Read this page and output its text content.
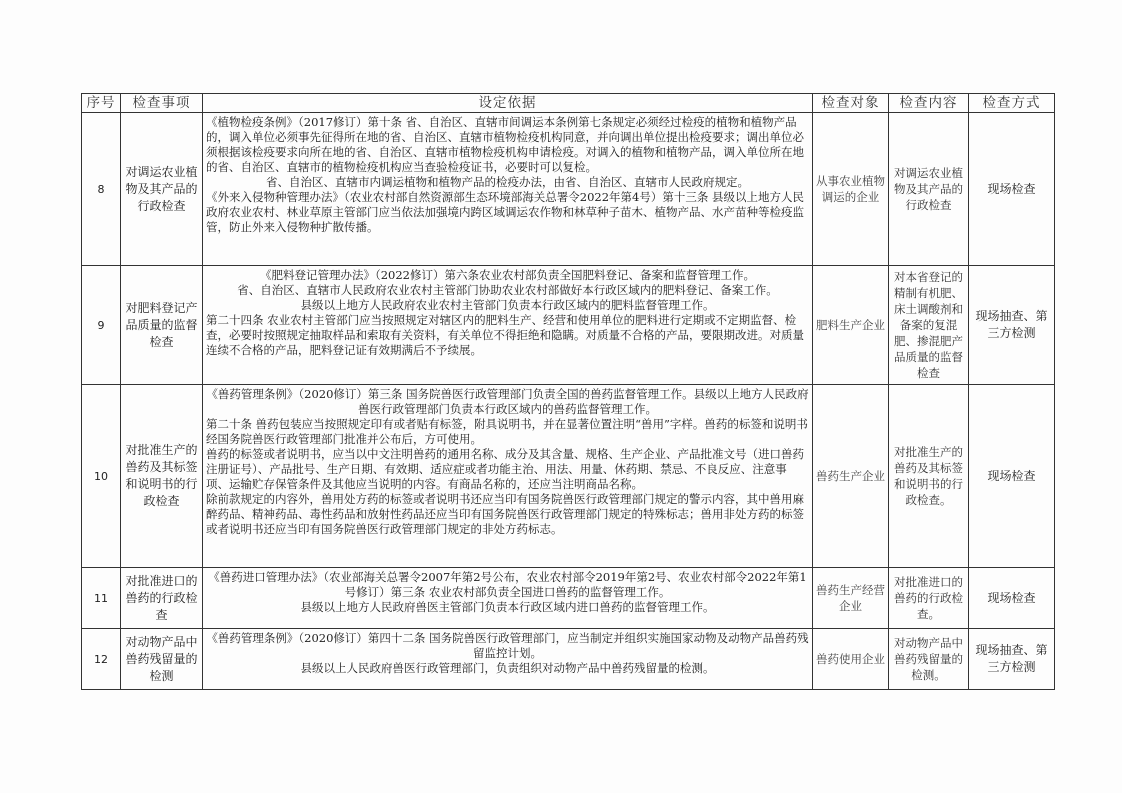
序号	检查事项	设定依据	检查对象	检查内容	检查方式
8	对调运农业植物及其产品的行政检查	《植物检疫条例》（2017修订）第十条 省、自治区、直辖市间调运本条例第七条规定必须经过检疫的植物和植物产品的，调入单位必须事先征得所在地的省、自治区、直辖市植物检疫机构同意，并向调出单位提出检疫要求；调出单位必须根据该检疫要求向所在地的省、自治区、直辖市植物检疫机构申请检疫。对调入的植物和植物产品，调入单位所在地的省、自治区、直辖市的植物检疫机构应当查验检疫证书，必要时可以复检。

省、自治区、直辖市内调运植物和植物产品的检疫办法，由省、自治区、直辖市人民政府规定。

《外来入侵物种管理办法》（农业农村部自然资源部生态环境部海关总署令2022年第4号）第十三条 县级以上地方人民政府农业农村、林业草原主管部门应当依法加强境内跨区域调运农作物和林草种子苗木、植物产品、水产苗种等检疫监管，防止外来入侵物种扩散传播。	从事农业植物调运的企业	对调运农业植物及其产品的行政检查	现场检查
9	对肥料登记产品质量的监督检查	《肥料登记管理办法》（2022修订）第六条农业农村部负责全国肥料登记、备案和监督管理工作。

省、自治区、直辖市人民政府农业农村主管部门协助农业农村部做好本行政区域内的肥料登记、备案工作。

县级以上地方人民政府农业农村主管部门负责本行政区域内的肥料监督管理工作。

第二十四条 农业农村主管部门应当按照规定对辖区内的肥料生产、经营和使用单位的肥料进行定期或不定期监督、检查，必要时按照规定抽取样品和索取有关资料，有关单位不得拒绝和隐瞒。对质量不合格的产品，要限期改进。对质量连续不合格的产品，肥料登记证有效期满后不予续展。	肥料生产企业	对本省登记的精制有机肥、床土调酸剂和备案的复混肥、掺混肥产品质量的监督检查	现场抽查、第三方检测
10	对批准生产的兽药及其标签和说明书的行政检查	《兽药管理条例》（2020修订）第三条 国务院兽医行政管理部门负责全国的兽药监督管理工作。县级以上地方人民政府兽医行政管理部门负责本行政区域内的兽药监督管理工作。

第二十条 兽药包装应当按照规定印有或者贴有标签，附具说明书，并在显著位置注明“兽用”字样。兽药的标签和说明书经国务院兽医行政管理部门批准并公布后，方可使用。

兽药的标签或者说明书，应当以中文注明兽药的通用名称、成分及其含量、规格、生产企业、产品批准文号（进口兽药注册证号）、产品批号、生产日期、有效期、适应症或者功能主治、用法、用量、休药期、禁忌、不良反应、注意事项、运输贮存保管条件及其他应当说明的内容。有商品名称的，还应当注明商品名称。

除前款规定的内容外，兽用处方药的标签或者说明书还应当印有国务院兽医行政管理部门规定的警示内容，其中兽用麻醉药品、精神药品、毒性药品和放射性药品还应当印有国务院兽医行政管理部门规定的特殊标志；兽用非处方药的标签或者说明书还应当印有国务院兽医行政管理部门规定的非处方药标志。	兽药生产企业	对批准生产的兽药及其标签和说明书的行政检查。	现场检查
11	对批准进口的兽药的行政检查	《兽药进口管理办法》（农业部海关总署令2007年第2号公布，农业农村部令2019年第2号、农业农村部令2022年第1号修订）第三条 农业农村部负责全国进口兽药的监督管理工作。

县级以上地方人民政府兽医主管部门负责本行政区域内进口兽药的监督管理工作。	兽药生产经营企业	对批准进口的兽药的行政检查。	现场检查
12	对动物产品中兽药残留量的检测	《兽药管理条例》（2020修订）第四十二条 国务院兽医行政管理部门，应当制定并组织实施国家动物及动物产品兽药残留监控计划。

县级以上人民政府兽医行政管理部门，负责组织对动物产品中兽药残留量的检测。	兽药使用企业	对动物产品中兽药残留量的检测。	现场抽查、第三方检测
